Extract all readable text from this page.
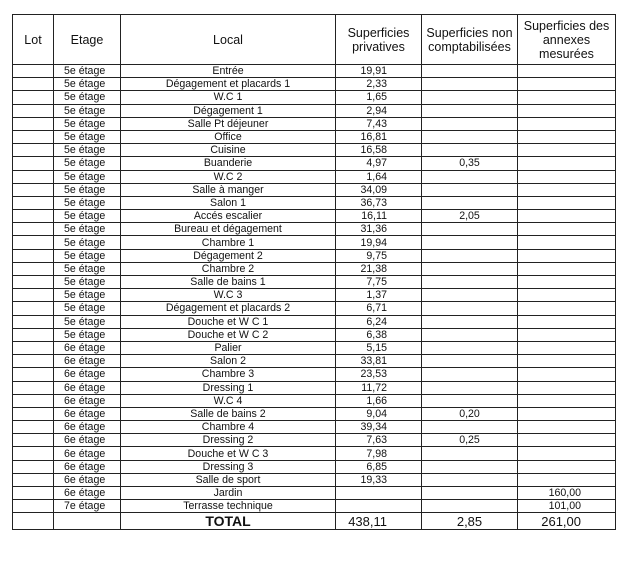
Lot	Etage	Local	Superficies privatives	Superficies non comptabilisées	Superficies des annexes mesurées
	5e étage	Entrée	19,91		
	5e étage	Dégagement et placards 1	2,33		
	5e étage	W.C 1	1,65		
	5e étage	Dégagement 1	2,94		
	5e étage	Salle Pt déjeuner	7,43		
	5e étage	Office	16,81		
	5e étage	Cuisine	16,58		
	5e étage	Buanderie	4,97	0,35	
	5e étage	W.C 2	1,64		
	5e étage	Salle à manger	34,09		
	5e étage	Salon 1	36,73		
	5e étage	Accés escalier	16,11	2,05	
	5e étage	Bureau et dégagement	31,36		
	5e étage	Chambre 1	19,94		
	5e étage	Dégagement 2	9,75		
	5e étage	Chambre 2	21,38		
	5e étage	Salle de bains 1	7,75		
	5e étage	W.C 3	1,37		
	5e étage	Dégagement et placards 2	6,71		
	5e étage	Douche et W C 1	6,24		
	5e étage	Douche et W C 2	6,38		
	6e étage	Palier	5,15		
	6e étage	Salon 2	33,81		
	6e étage	Chambre 3	23,53		
	6e étage	Dressing 1	11,72		
	6e étage	W.C 4	1,66		
	6e étage	Salle de bains 2	9,04	0,20	
	6e étage	Chambre 4	39,34		
	6e étage	Dressing 2	7,63	0,25	
	6e étage	Douche et W C 3	7,98		
	6e étage	Dressing 3	6,85		
	6e étage	Salle de sport	19,33		
	6e étage	Jardin			160,00
	7e étage	Terrasse technique			101,00
		TOTAL	438,11	2,85	261,00
